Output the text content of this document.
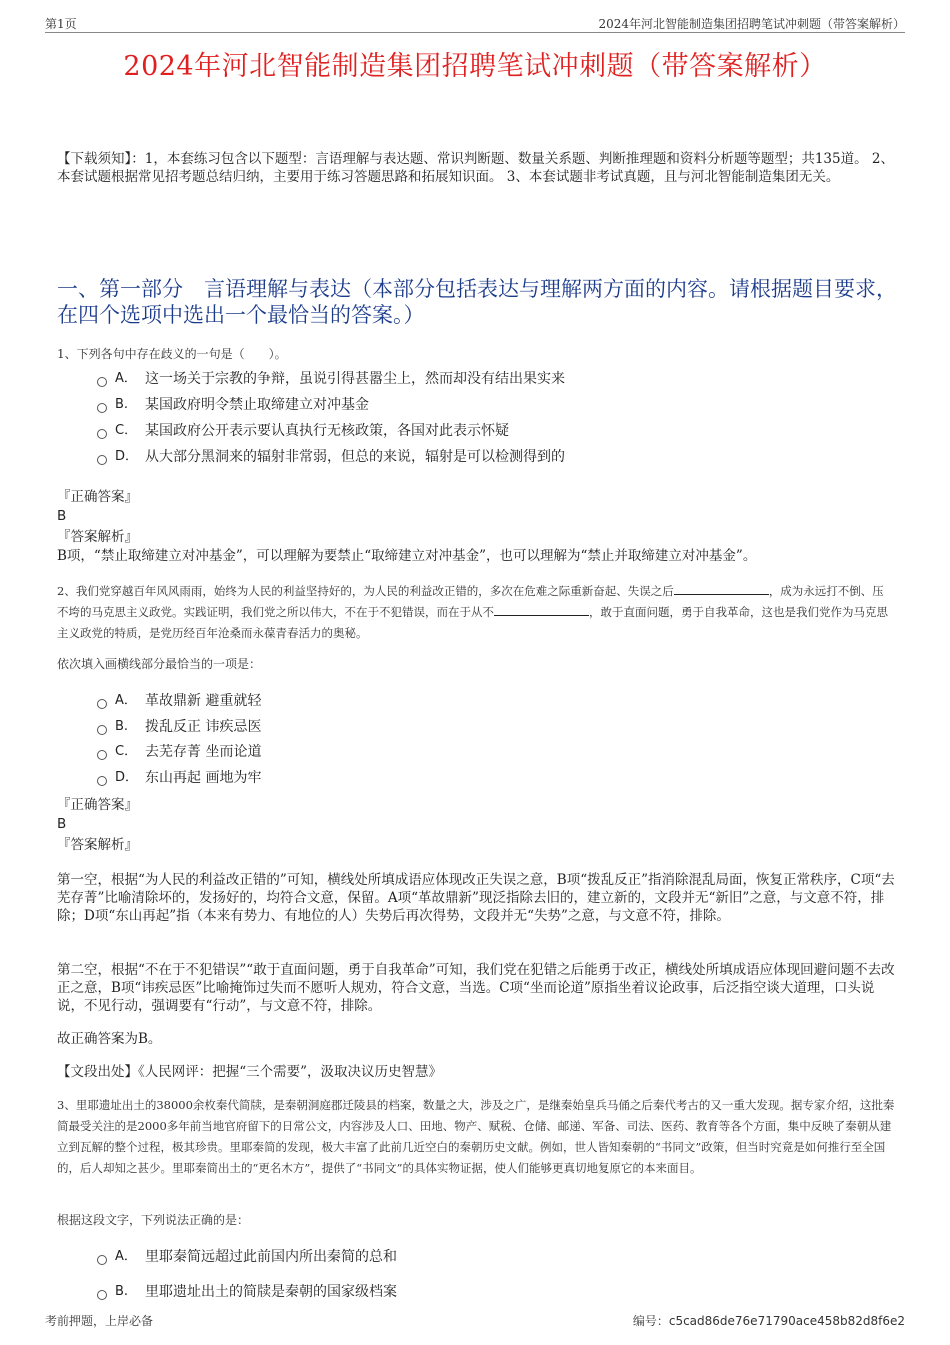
第1页	2024年河北智能制造集团招聘笔试冲刺题（带答案解析）
2024年河北智能制造集团招聘笔试冲刺题（带答案解析）
【下载须知】：1，本套练习包含以下题型：言语理解与表达题、常识判断题、数量关系题、判断推理题和资料分析题等题型；共135道。 2、本套试题根据常见招考题总结归纳，主要用于练习答题思路和拓展知识面。 3、本套试题非考试真题，且与河北智能制造集团无关。
一、第一部分　言语理解与表达（本部分包括表达与理解两方面的内容。请根据题目要求，在四个选项中选出一个最恰当的答案。）
1、下列各句中存在歧义的一句是（　　）。
A． 这一场关于宗教的争辩，虽说引得甚嚣尘上，然而却没有结出果实来
B.	某国政府明令禁止取缔建立对冲基金
C． 某国政府公开表示要认真执行无核政策，各国对此表示怀疑
D． 从大部分黑洞来的辐射非常弱，但总的来说，辐射是可以检测得到的
『正确答案』
B
『答案解析』
B项，“禁止取缔建立对冲基金”，可以理解为要禁止“取缔建立对冲基金”，也可以理解为“禁止并取缔建立对冲基金”。
2、我们党穿越百年风风雨雨，始终为人民的利益坚持好的，为人民的利益改正错的，多次在危难之际重新奋起、失误之后	，成为永远打不倒、压不垮的马克思主义政党。实践证明，我们党之所以伟大，不在于不犯错误，而在于从不	，敢于直面问题，勇于自我革命，这也是我们党作为马克思主义政党的特质，是党历经百年沧桑而永葆青春活力的奥秘。
依次填入画横线部分最恰当的一项是：
A． 革故鼎新 避重就轻
B.	拨乱反正 讳疾忌医
C． 去芜存菁 坐而论道
D． 东山再起 画地为牢
『正确答案』
B
『答案解析』
第一空，根据“为人民的利益改正错的”可知，横线处所填成语应体现改正失误之意，B项“拨乱反正”指消除混乱局面，恢复正常秩序，C项“去芜存菁”比喻清除坏的，发扬好的，均符合文意，保留。A项“革故鼎新”现泛指除去旧的，建立新的，文段并无“新旧”之意，与文意不符，排除；D项“东山再起”指（本来有势力、有地位的人）失势后再次得势，文段并无“失势”之意，与文意不符，排除。
第二空，根据“不在于不犯错误”“敢于直面问题，勇于自我革命”可知，我们党在犯错之后能勇于改正，横线处所填成语应体现回避问题不去改正之意，B项“讳疾忌医”比喻掩饰过失而不愿听人规劝，符合文意，当选。C项“坐而论道”原指坐着议论政事，后泛指空谈大道理，口头说说，不见行动，强调要有“行动”，与文意不符，排除。
故正确答案为B。
【文段出处】《人民网评：把握“三个需要”，汲取决议历史智慧》
3、里耶遗址出土的38000余枚秦代简牍，是秦朝洞庭郡迁陵县的档案，数量之大，涉及之广，是继秦始皇兵马俑之后秦代考古的又一重大发现。据专家介绍，这批秦简最受关注的是2000多年前当地官府留下的日常公文，内容涉及人口、田地、物产、赋税、仓储、邮递、军备、司法、医药、教育等各个方面，集中反映了秦朝从建立到瓦解的整个过程，极其珍贵。里耶秦简的发现，极大丰富了此前几近空白的秦朝历史文献。例如，世人皆知秦朝的“书同文”政策，但当时究竟是如何推行至全国的，后人却知之甚少。里耶秦简出土的“更名木方”，提供了“书同文”的具体实物证据，使人们能够更真切地复原它的本来面目。
根据这段文字，下列说法正确的是：
A． 里耶秦简远超过此前国内所出秦简的总和
B.	里耶遗址出土的简牍是秦朝的国家级档案
考前押题，上岸必备	编号：c5cad86de76e71790ace458b82d8f6e2
